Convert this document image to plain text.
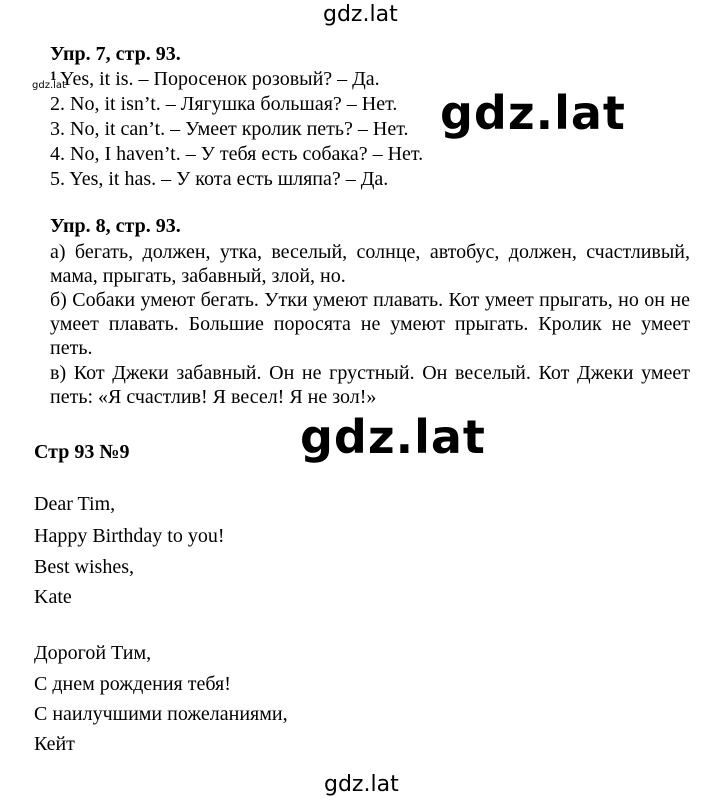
gdz.lat
gdz.lat
gdz.lat
gdz.lat
gdz.lat
Упр. 7, стр. 93.
1 Yes, it is. – Поросенок розовый? – Да.
2. No, it isn’t. – Лягушка большая? – Нет.
3. No, it can’t. – Умеет кролик петь? – Нет.
4. No, I haven’t. – У тебя есть собака? – Нет.
5. Yes, it has. – У кота есть шляпа? – Да.
Упр. 8, стр. 93.
а) бегать, должен, утка, веселый, солнце, автобус, должен, счастливый, мама, прыгать, забавный, злой, но.
б) Собаки умеют бегать. Утки умеют плавать. Кот умеет прыгать, но он не умеет плавать. Большие поросята не умеют прыгать. Кролик не умеет петь.
в) Кот Джеки забавный. Он не грустный. Он веселый. Кот Джеки умеет петь: «Я счастлив! Я весел! Я не зол!»
Стр 93 №9
Dear Tim,
Happy Birthday to you!
Best wishes,
Kate
Дорогой Тим,
С днем рождения тебя!
С наилучшими пожеланиями,
Кейт
